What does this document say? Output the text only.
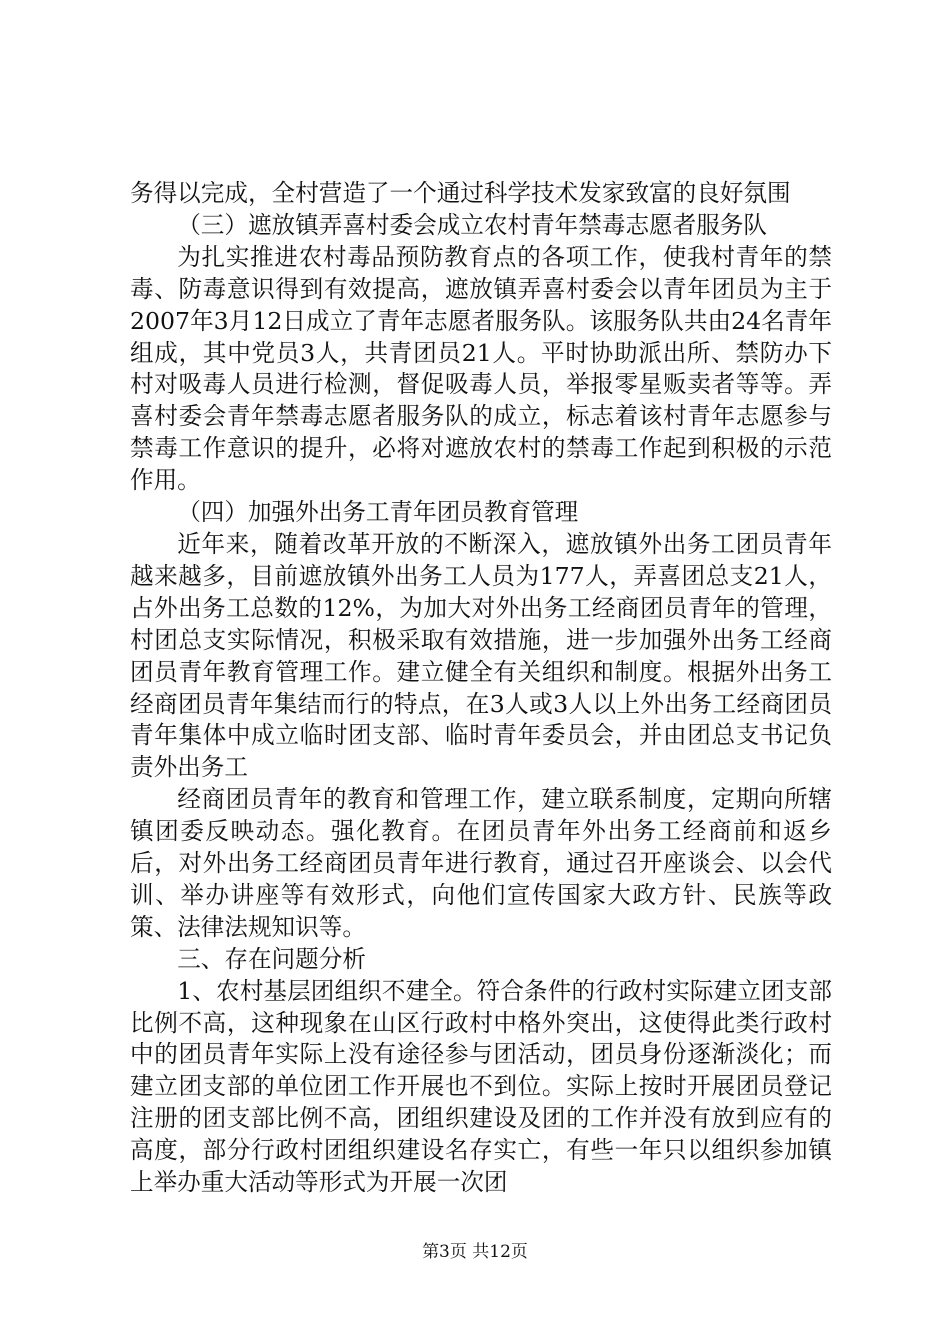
务得以完成，全村营造了一个通过科学技术发家致富的良好氛围

（三）遮放镇弄喜村委会成立农村青年禁毒志愿者服务队

为扎实推进农村毒品预防教育点的各项工作，使我村青年的禁毒、防毒意识得到有效提高，遮放镇弄喜村委会以青年团员为主于2007年3月12日成立了青年志愿者服务队。该服务队共由24名青年组成，其中党员3人，共青团员21人。平时协助派出所、禁防办下村对吸毒人员进行检测，督促吸毒人员，举报零星贩卖者等等。弄喜村委会青年禁毒志愿者服务队的成立，标志着该村青年志愿参与禁毒工作意识的提升，必将对遮放农村的禁毒工作起到积极的示范作用。

（四）加强外出务工青年团员教育管理

近年来，随着改革开放的不断深入，遮放镇外出务工团员青年越来越多，目前遮放镇外出务工人员为177人，弄喜团总支21人，占外出务工总数的12%，为加大对外出务工经商团员青年的管理，村团总支实际情况，积极采取有效措施，进一步加强外出务工经商团员青年教育管理工作。建立健全有关组织和制度。根据外出务工经商团员青年集结而行的特点，在3人或3人以上外出务工经商团员青年集体中成立临时团支部、临时青年委员会，并由团总支书记负责外出务工

经商团员青年的教育和管理工作，建立联系制度，定期向所辖镇团委反映动态。强化教育。在团员青年外出务工经商前和返乡后，对外出务工经商团员青年进行教育，通过召开座谈会、以会代训、举办讲座等有效形式，向他们宣传国家大政方针、民族等政策、法律法规知识等。

三、存在问题分析

1、农村基层团组织不建全。符合条件的行政村实际建立团支部比例不高，这种现象在山区行政村中格外突出，这使得此类行政村中的团员青年实际上没有途径参与团活动，团员身份逐渐淡化；而建立团支部的单位团工作开展也不到位。实际上按时开展团员登记注册的团支部比例不高，团组织建设及团的工作并没有放到应有的高度，部分行政村团组织建设名存实亡，有些一年只以组织参加镇上举办重大活动等形式为开展一次团

第3页 共12页
